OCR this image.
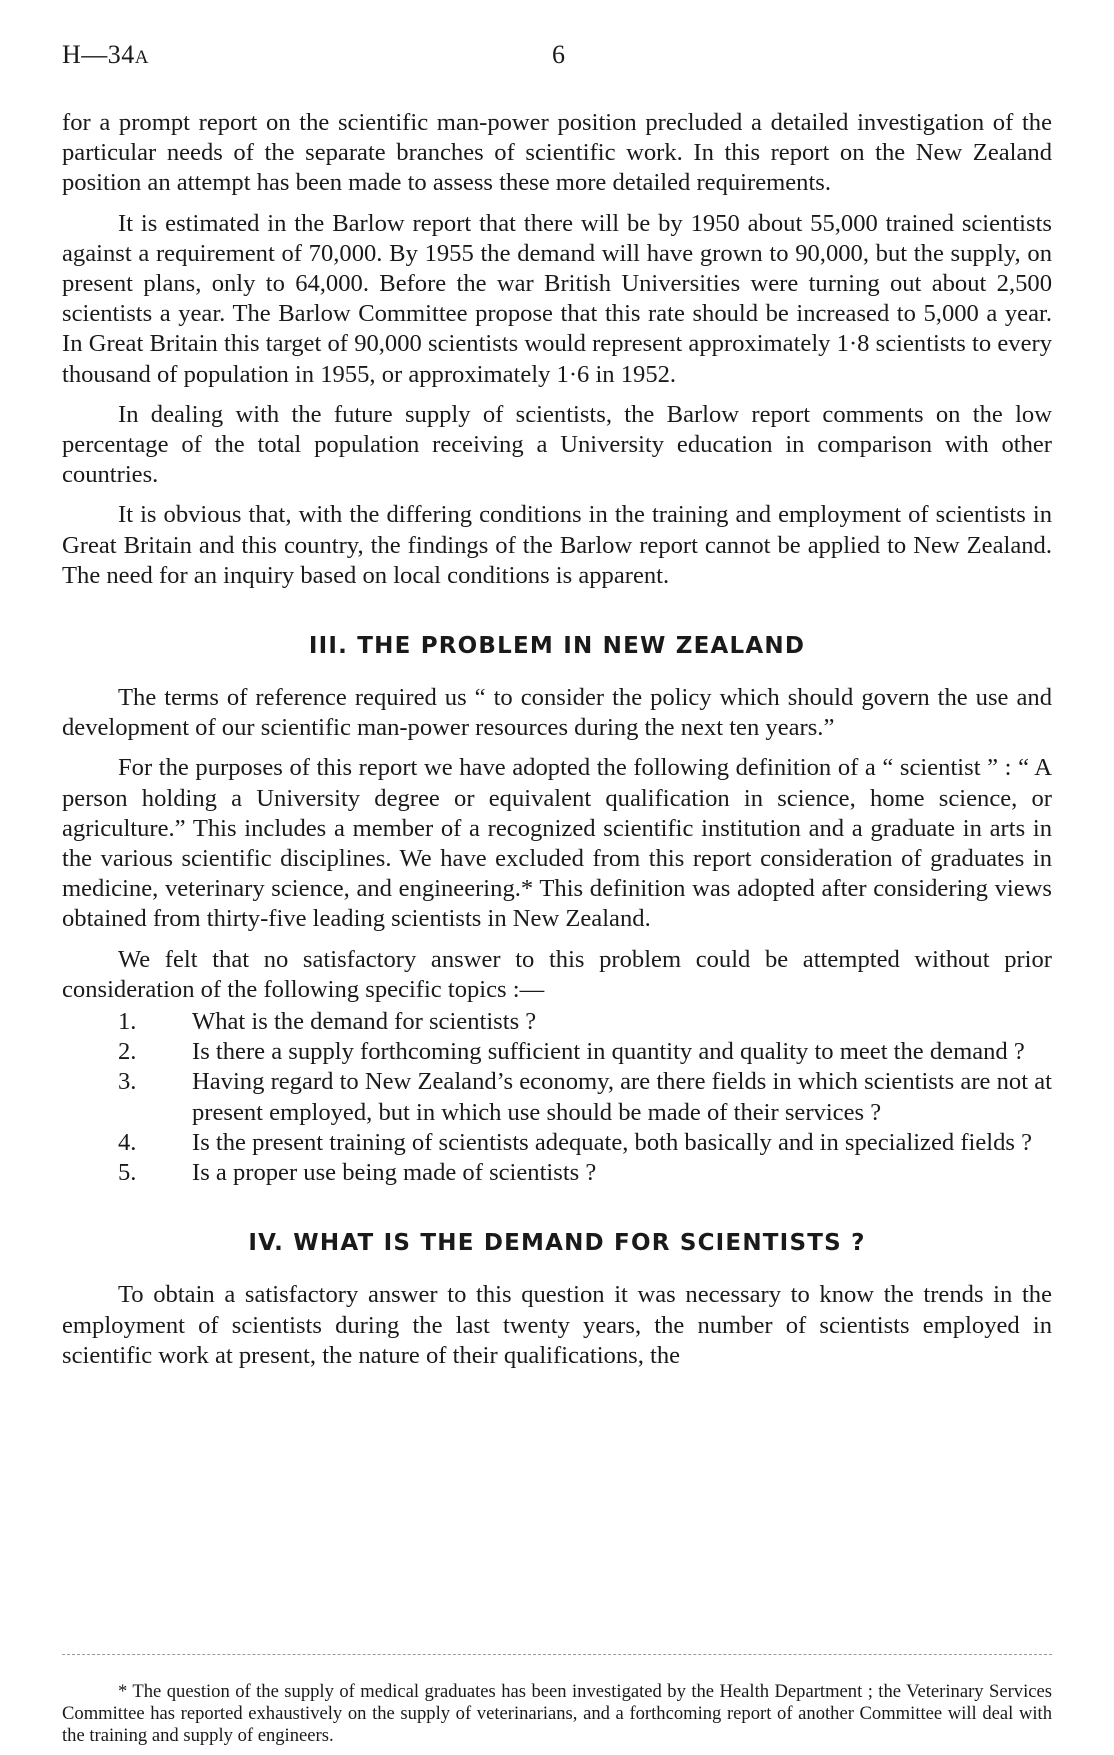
H—34A	6

for a prompt report on the scientific man-power position precluded a detailed investigation of the particular needs of the separate branches of scientific work. In this report on the New Zealand position an attempt has been made to assess these more detailed requirements.

It is estimated in the Barlow report that there will be by 1950 about 55,000 trained scientists against a requirement of 70,000. By 1955 the demand will have grown to 90,000, but the supply, on present plans, only to 64,000. Before the war British Universities were turning out about 2,500 scientists a year. The Barlow Committee propose that this rate should be increased to 5,000 a year. In Great Britain this target of 90,000 scientists would represent approximately 1·8 scientists to every thousand of population in 1955, or approximately 1·6 in 1952.

In dealing with the future supply of scientists, the Barlow report comments on the low percentage of the total population receiving a University education in comparison with other countries.

It is obvious that, with the differing conditions in the training and employment of scientists in Great Britain and this country, the findings of the Barlow report cannot be applied to New Zealand. The need for an inquiry based on local conditions is apparent.

III. THE PROBLEM IN NEW ZEALAND

The terms of reference required us “ to consider the policy which should govern the use and development of our scientific man-power resources during the next ten years.”

For the purposes of this report we have adopted the following definition of a “ scientist ” : “ A person holding a University degree or equivalent qualification in science, home science, or agriculture.” This includes a member of a recognized scientific institution and a graduate in arts in the various scientific disciplines. We have excluded from this report consideration of graduates in medicine, veterinary science, and engineering.* This definition was adopted after considering views obtained from thirty-five leading scientists in New Zealand.

We felt that no satisfactory answer to this problem could be attempted without prior consideration of the following specific topics :—

1. What is the demand for scientists ?
2. Is there a supply forthcoming sufficient in quantity and quality to meet the demand ?
3. Having regard to New Zealand’s economy, are there fields in which scientists are not at present employed, but in which use should be made of their services ?
4. Is the present training of scientists adequate, both basically and in specialized fields ?
5. Is a proper use being made of scientists ?
IV. WHAT IS THE DEMAND FOR SCIENTISTS ?

To obtain a satisfactory answer to this question it was necessary to know the trends in the employment of scientists during the last twenty years, the number of scientists employed in scientific work at present, the nature of their qualifications, the

* The question of the supply of medical graduates has been investigated by the Health Department ; the Veterinary Services Committee has reported exhaustively on the supply of veterinarians, and a forthcoming report of another Committee will deal with the training and supply of engineers.
